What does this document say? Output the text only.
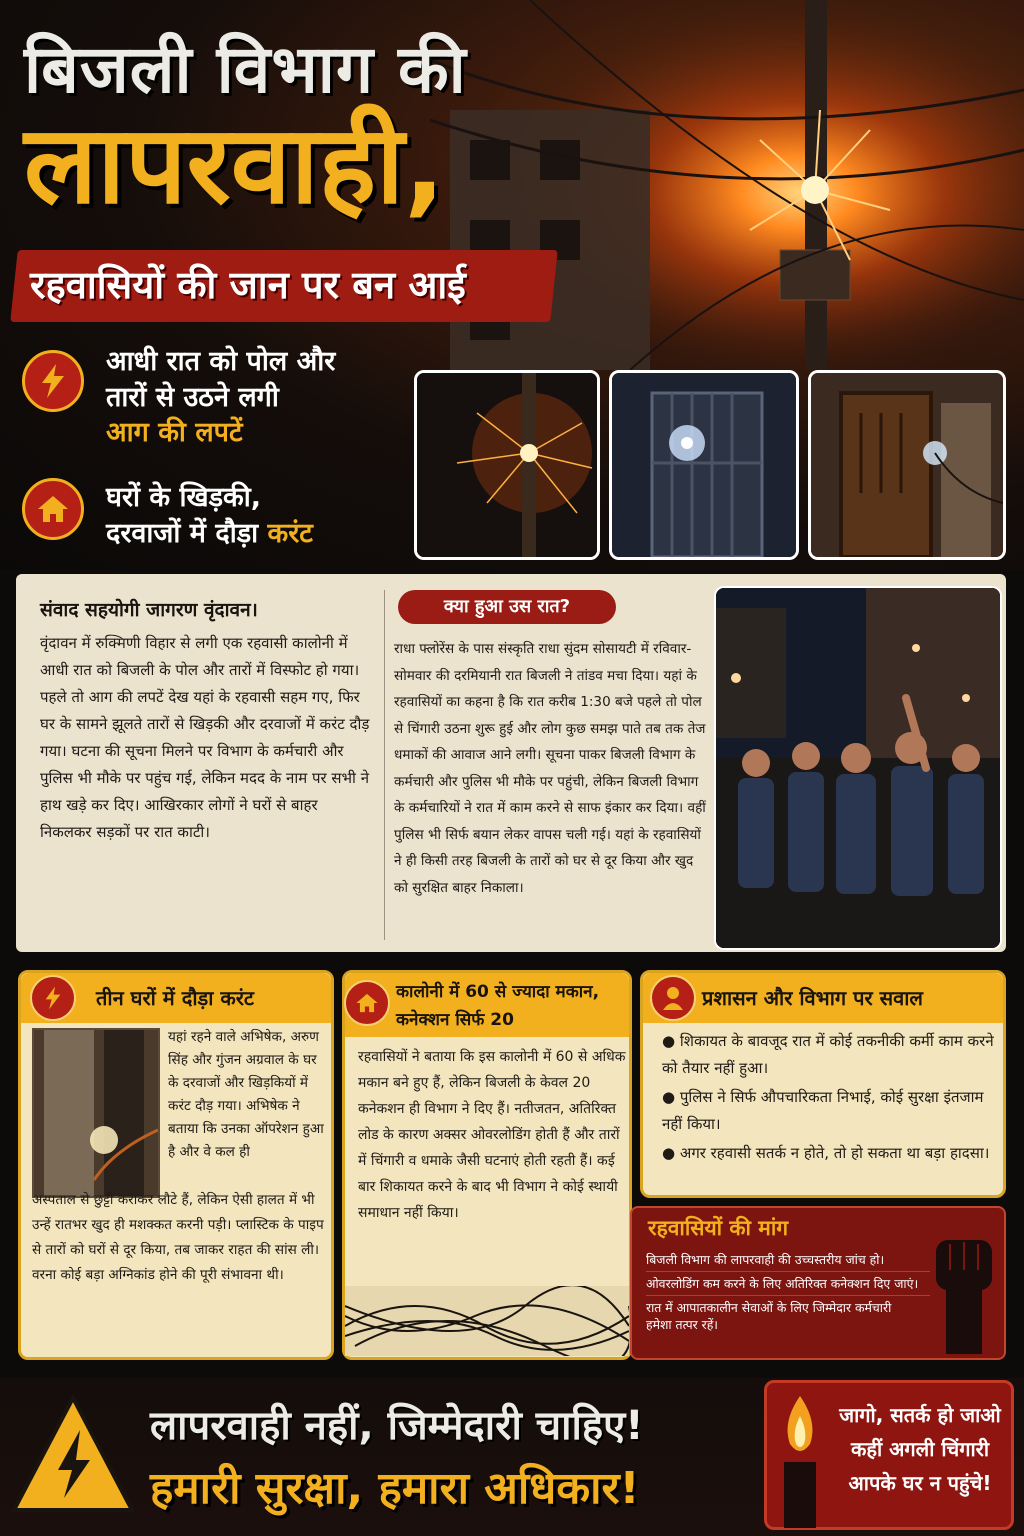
बिजली विभाग की
लापरवाही,
रहवासियों की जान पर बन आई
आधी रात को पोल और
तारों से उठने लगी
आग की लपटें
घरों के खिड़की,
दरवाजों में दौड़ा करंट
संवाद सहयोगी जागरण वृंदावन।
वृंदावन में रुक्मिणी विहार से लगी एक रहवासी कालोनी में आधी रात को बिजली के पोल और तारों में विस्फोट हो गया। पहले तो आग की लपटें देख यहां के रहवासी सहम गए, फिर घर के सामने झूलते तारों से खिड़की और दरवाजों में करंट दौड़ गया। घटना की सूचना मिलने पर विभाग के कर्मचारी और पुलिस भी मौके पर पहुंच गई, लेकिन मदद के नाम पर सभी ने हाथ खड़े कर दिए। आखिरकार लोगों ने घरों से बाहर निकलकर सड़कों पर रात काटी।
क्या हुआ उस रात?
राधा फ्लोरेंस के पास संस्कृति राधा सुंदम सोसायटी में रविवार-सोमवार की दरमियानी रात बिजली ने तांडव मचा दिया। यहां के रहवासियों का कहना है कि रात करीब 1:30 बजे पहले तो पोल से चिंगारी उठना शुरू हुई और लोग कुछ समझ पाते तब तक तेज धमाकों की आवाज आने लगी। सूचना पाकर बिजली विभाग के कर्मचारी और पुलिस भी मौके पर पहुंची, लेकिन बिजली विभाग के कर्मचारियों ने रात में काम करने से साफ इंकार कर दिया। वहीं पुलिस भी सिर्फ बयान लेकर वापस चली गई। यहां के रहवासियों ने ही किसी तरह बिजली के तारों को घर से दूर किया और खुद को सुरक्षित बाहर निकाला।
तीन घरों में दौड़ा करंट
यहां रहने वाले अभिषेक, अरुण सिंह और गुंजन अग्रवाल के घर के दरवाजों और खिड़कियों में करंट दौड़ गया। अभिषेक ने बताया कि उनका ऑपरेशन हुआ है और वे कल ही
अस्पताल से छुट्टी कराकर लौटे हैं, लेकिन ऐसी हालत में भी उन्हें रातभर खुद ही मशक्कत करनी पड़ी। प्लास्टिक के पाइप से तारों को घरों से दूर किया, तब जाकर राहत की सांस ली। वरना कोई बड़ा अग्निकांड होने की पूरी संभावना थी।
कालोनी में 60 से ज्यादा मकान,
कनेक्शन सिर्फ 20
रहवासियों ने बताया कि इस कालोनी में 60 से अधिक मकान बने हुए हैं, लेकिन बिजली के केवल 20 कनेकशन ही विभाग ने दिए हैं। नतीजतन, अतिरिक्त लोड के कारण अक्सर ओवरलोडिंग होती हैं और तारों में चिंगारी व धमाके जैसी घटनाएं होती रहती हैं। कई बार शिकायत करने के बाद भी विभाग ने कोई स्थायी समाधान नहीं किया।
प्रशासन और विभाग पर सवाल
● शिकायत के बावजूद रात में कोई तकनीकी कर्मी काम करने को तैयार नहीं हुआ।
● पुलिस ने सिर्फ औपचारिकता निभाई, कोई सुरक्षा इंतजाम नहीं किया।
● अगर रहवासी सतर्क न होते, तो हो सकता था बड़ा हादसा।
रहवासियों की मांग
बिजली विभाग की लापरवाही की उच्चस्तरीय जांच हो।
ओवरलोडिंग कम करने के लिए अतिरिक्त कनेक्शन दिए जाएं।
रात में आपातकालीन सेवाओं के लिए जिम्मेदार कर्मचारी
हमेशा तत्पर रहें।
लापरवाही नहीं, जिम्मेदारी चाहिए!
हमारी सुरक्षा, हमारा अधिकार!
जागो, सतर्क हो जाओ
कहीं अगली चिंगारी
आपके घर न पहुंचे!
